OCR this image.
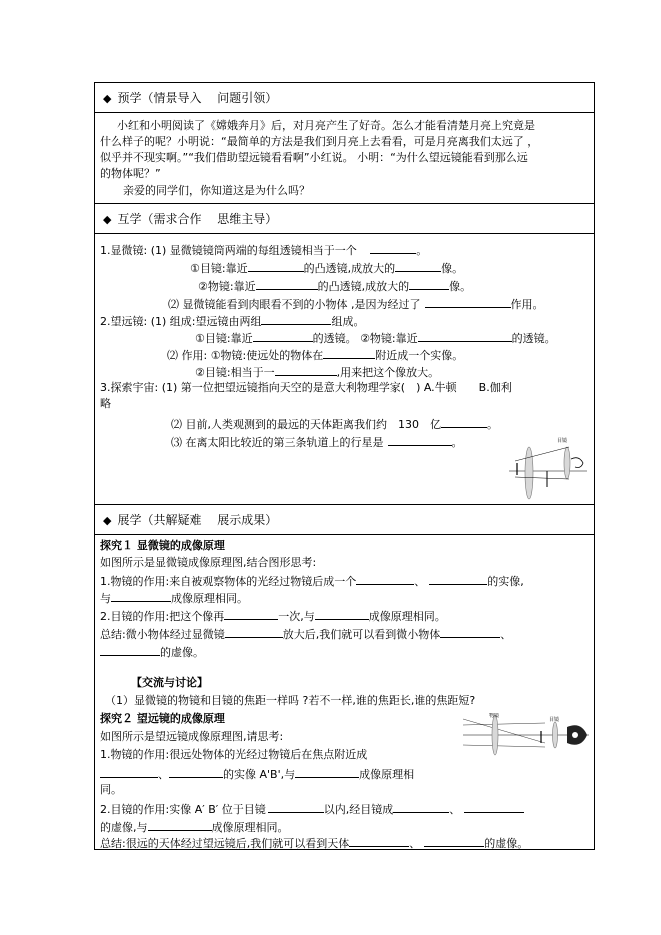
◆ 预学（情景导入　 问题引领）
小红和小明阅读了《嫦娥奔月》后，对月亮产生了好奇。怎么才能看清楚月亮上究竟是
什么样子的呢？小明说：“最简单的方法是我们到月亮上去看看，可是月亮离我们太远了 ，
似乎并不现实啊。”“我们借助望远镜看看啊”小红说。 小明：“为什么望远镜能看到那么远
的物体呢？”
亲爱的同学们，你知道这是为什么吗？
◆ 互学（需求合作　 思维主导）
1.显微镜: (1) 显微镜镜筒两端的每组透镜相当于一个	。
①目镜:靠近	的凸透镜,成放大的	像。
②物镜:靠近	的凸透镜,成放大的	像。
⑵ 显微镜能看到肉眼看不到的小物体 ,是因为经过了	作用。
2.望远镜: (1) 组成:望远镜由两组	组成。
①目镜:靠近	的透镜。 ②物镜:靠近	的透镜。
⑵ 作用: ①物镜:使远处的物体在	附近成一个实像。
②目镜:相当于一	,用来把这个像放大。
3.探索宇宙: (1) 第一位把望远镜指向天空的是意大利物理学家(　) A.牛顿　　B.伽利
略
⑵ 目前,人类观测到的最远的天体距离我们约　130　亿	。
⑶ 在离太阳比较近的第三条轨道上的行星是	。	目镜
◆ 展学（共解疑难　 展示成果）
探究１ 显微镜的成像原理
如图所示是显微镜成像原理图,结合图形思考:
1.物镜的作用:来自被观察物体的光经过物镜后成一个	、	的实像,
与	成像原理相同。
2.目镜的作用:把这个像再	一次,与	成像原理相同。
总结:微小物体经过显微镜	放大后,我们就可以看到微小物体	、
的虚像。
【交流与讨论】
（1）显微镜的物镜和目镜的焦距一样吗 ?若不一样,谁的焦距长,谁的焦距短?
探究２ 望远镜的成像原理
如图所示是望远镜成像原理图,请思考:
1.物镜的作用:很远处物体的光经过物镜后在焦点附近成
、	的实像 A'B',与	成像原理相
同。
2.目镜的作用:实像 A′ B′ 位于目镜	以内,经目镜成	、
的虚像,与	成像原理相同。
总结:很远的天体经过望远镜后,我们就可以看到天体	、	的虚像。
物镜
目镜
